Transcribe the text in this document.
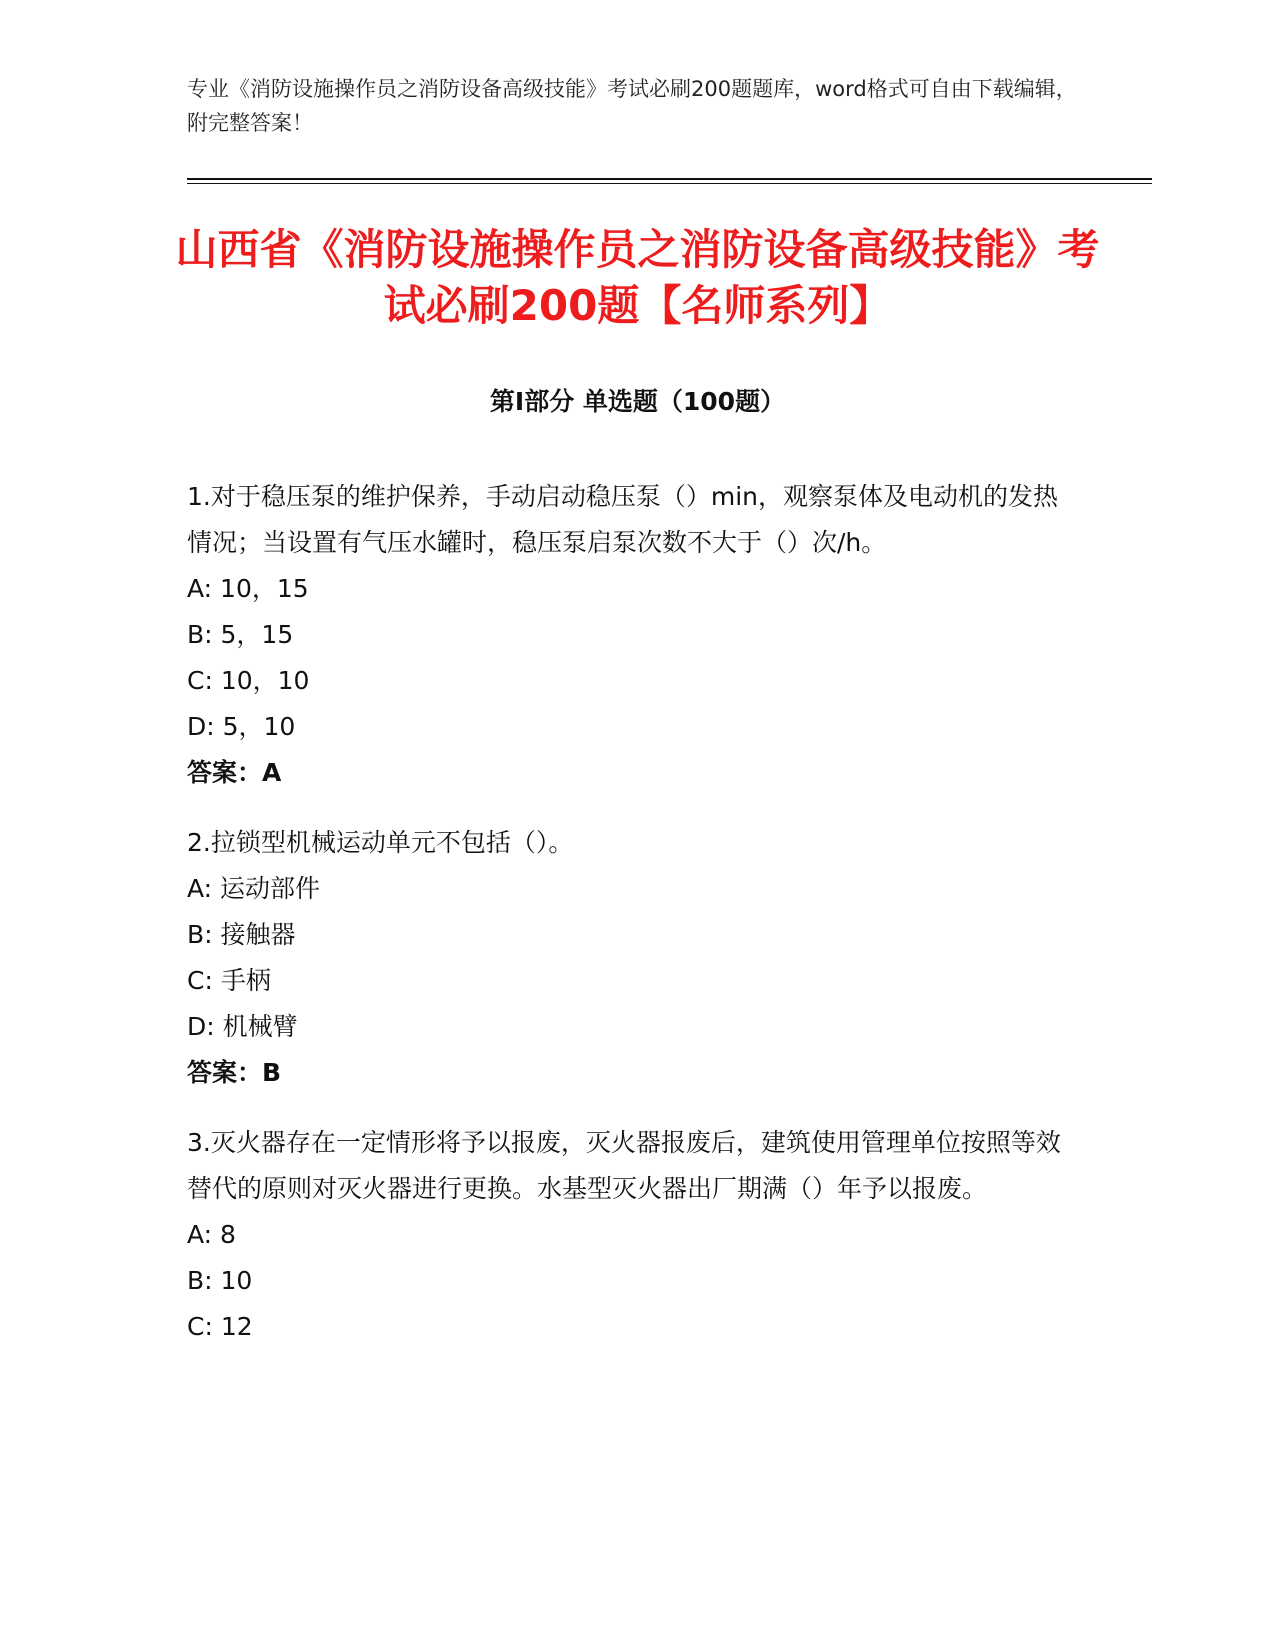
专业《消防设施操作员之消防设备高级技能》考试必刷200题题库，word格式可自由下载编辑，附完整答案！
山西省《消防设施操作员之消防设备高级技能》考试必刷200题【名师系列】
第I部分 单选题（100题）

1.对于稳压泵的维护保养，手动启动稳压泵（）min，观察泵体及电动机的发热情况；当设置有气压水罐时，稳压泵启泵次数不大于（）次/h。

A: 10，15

B: 5，15

C: 10，10

D: 5，10

答案：A

2.拉锁型机械运动单元不包括（）。

A: 运动部件

B: 接触器

C: 手柄

D: 机械臂

答案：B

3.灭火器存在一定情形将予以报废，灭火器报废后，建筑使用管理单位按照等效替代的原则对灭火器进行更换。水基型灭火器出厂期满（）年予以报废。

A: 8

B: 10

C: 12
